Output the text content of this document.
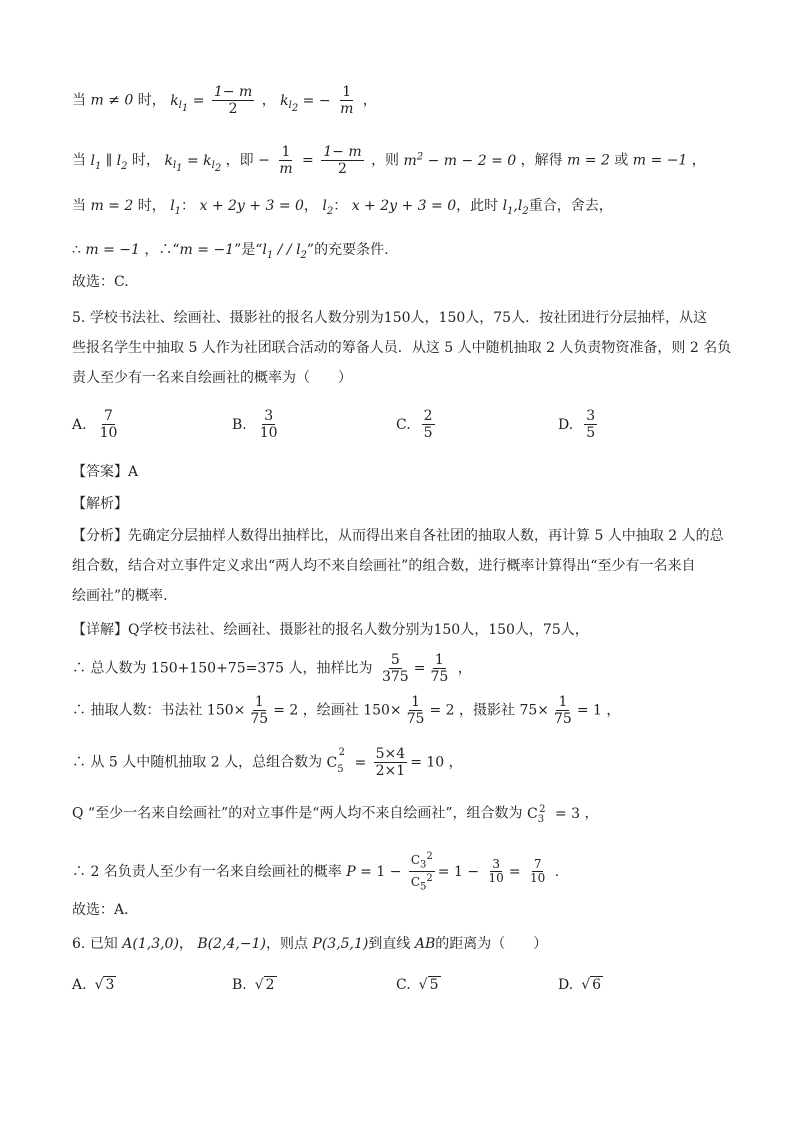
当 m ≠ 0 时， $k_{l_1} = \frac{1- m}{2}$ ， $k_{l_2}$ = − $\frac{1}{m}$ ，
当 $l_1$ ∥ $l_2$ 时， $k_{l_1} = k_{l_2}$ ，即 − $\frac{1}{m} = \frac{1- m}{2}$ ，则 $m^2 - m - 2 = 0$ ，解得 m = 2 或 m = −1 ，
当 m = 2 时， $l_1$： x + 2y + 3 = 0， $l_2$： x + 2y + 3 = 0，此时 $l_1,l_2$重合，舍去，
∴ m = −1 ，∴“m = −1”是“$l_1$ / / $l_2$”的充要条件.
故选：C.
5. 学校书法社、绘画社、摄影社的报名人数分别为150人，150人，75人．按社团进行分层抽样，从这
些报名学生中抽取 5 人作为社团联合活动的筹备人员．从这 5 人中随机抽取 2 人负责物资准备，则 2 名负
责人至少有一名来自绘画社的概率为（　　）
A. $\frac{7}{10}$	B. $\frac{3}{10}$	C. $\frac{2}{5}$	D. $\frac{3}{5}$
【答案】A
【解析】
【分析】先确定分层抽样人数得出抽样比，从而得出来自各社团的抽取人数，再计算 5 人中抽取 2 人的总
组合数，结合对立事件定义求出“两人均不来自绘画社”的组合数，进行概率计算得出“至少有一名来自
绘画社”的概率.
【详解】Q学校书法社、绘画社、摄影社的报名人数分别为150人，150人，75人，
∴ 总人数为 150+150+75=375 人，抽样比为 $\frac{5}{375} = \frac{1}{75}$ ，
∴ 抽取人数：书法社 $150\times \frac{1}{75} = 2$ ，绘画社 $150\times \frac{1}{75} = 2$ ，摄影社 $75\times \frac{1}{75} = 1$ ，
∴ 从 5 人中随机抽取 2 人，总组合数为 $C_5^2 = \frac{5\times 4}{2\times 1} = 10$ ，
Q “至少一名来自绘画社”的对立事件是“两人均不来自绘画社”，组合数为 $C_3^2 = 3$ ，
∴ 2 名负责人至少有一名来自绘画社的概率 $P = 1 - \frac{C_3^2}{C_5^2} = 1 - \frac{3}{10} = \frac{7}{10}$ .
故选：A．
6. 已知 A(1,3,0)， B(2,4,−1)，则点 P(3,5,1)到直线 AB的距离为（　　）
A. √ 3	B. √ 2	C. √ 5	D. √ 6
